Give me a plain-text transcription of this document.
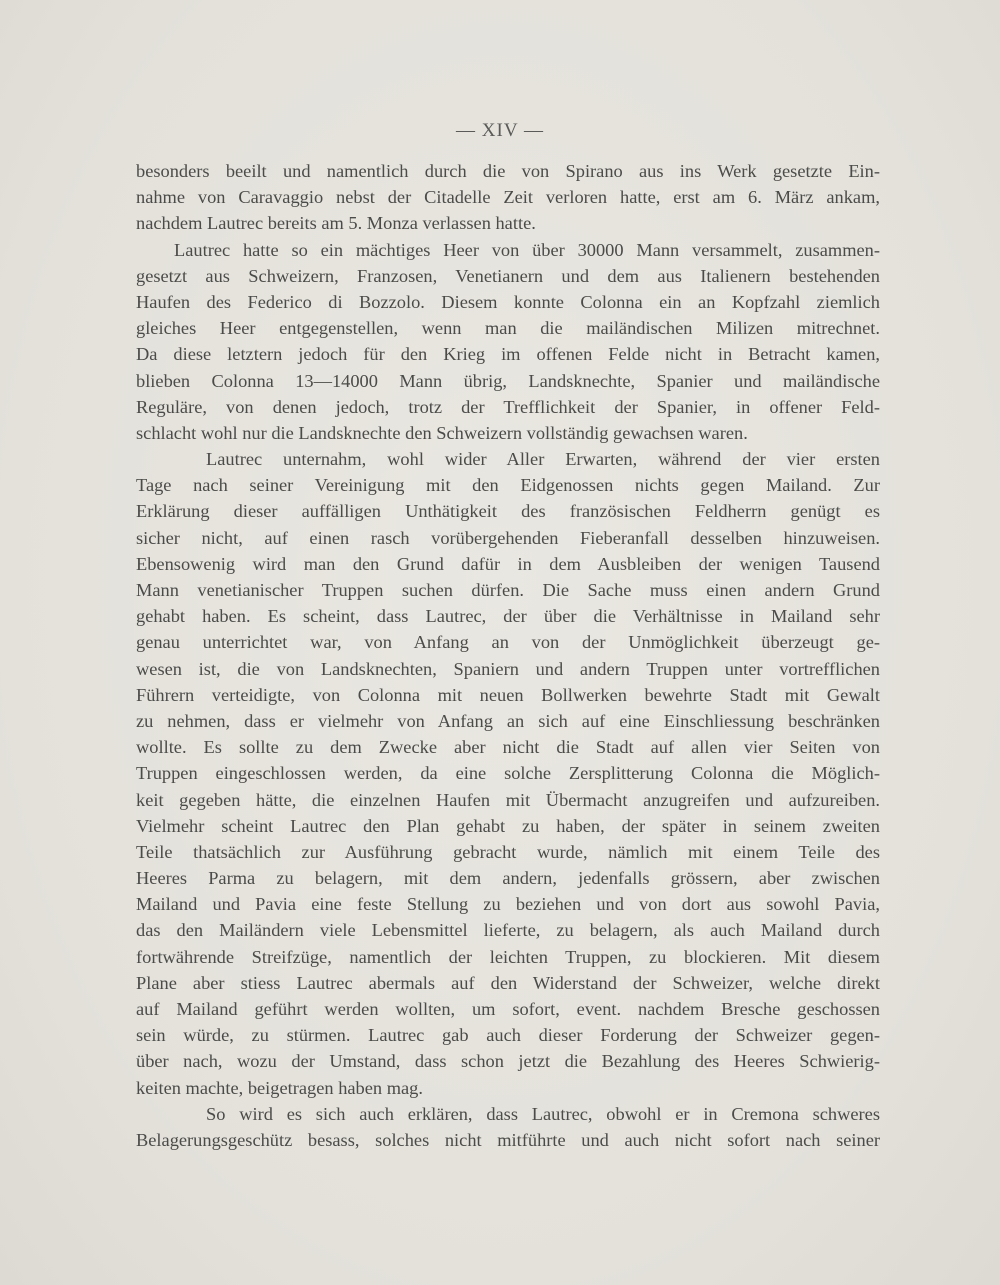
— XIV —
besonders beeilt und namentlich durch die von Spirano aus ins Werk gesetzte Ein-
nahme von Caravaggio nebst der Citadelle Zeit verloren hatte, erst am 6. März ankam,
nachdem Lautrec bereits am 5. Monza verlassen hatte.
Lautrec hatte so ein mächtiges Heer von über 30000 Mann versammelt, zusammen-
gesetzt aus Schweizern, Franzosen, Venetianern und dem aus Italienern bestehenden
Haufen des Federico di Bozzolo. Diesem konnte Colonna ein an Kopfzahl ziemlich
gleiches Heer entgegenstellen, wenn man die mailändischen Milizen mitrechnet.
Da diese letztern jedoch für den Krieg im offenen Felde nicht in Betracht kamen,
blieben Colonna 13—14000 Mann übrig, Landsknechte, Spanier und mailändische
Reguläre, von denen jedoch, trotz der Trefflichkeit der Spanier, in offener Feld-
schlacht wohl nur die Landsknechte den Schweizern vollständig gewachsen waren.
Lautrec unternahm, wohl wider Aller Erwarten, während der vier ersten
Tage nach seiner Vereinigung mit den Eidgenossen nichts gegen Mailand. Zur
Erklärung dieser auffälligen Unthätigkeit des französischen Feldherrn genügt es
sicher nicht, auf einen rasch vorübergehenden Fieberanfall desselben hinzuweisen.
Ebensowenig wird man den Grund dafür in dem Ausbleiben der wenigen Tausend
Mann venetianischer Truppen suchen dürfen. Die Sache muss einen andern Grund
gehabt haben. Es scheint, dass Lautrec, der über die Verhältnisse in Mailand sehr
genau unterrichtet war, von Anfang an von der Unmöglichkeit überzeugt ge-
wesen ist, die von Landsknechten, Spaniern und andern Truppen unter vortrefflichen
Führern verteidigte, von Colonna mit neuen Bollwerken bewehrte Stadt mit Gewalt
zu nehmen, dass er vielmehr von Anfang an sich auf eine Einschliessung beschränken
wollte. Es sollte zu dem Zwecke aber nicht die Stadt auf allen vier Seiten von
Truppen eingeschlossen werden, da eine solche Zersplitterung Colonna die Möglich-
keit gegeben hätte, die einzelnen Haufen mit Übermacht anzugreifen und aufzureiben.
Vielmehr scheint Lautrec den Plan gehabt zu haben, der später in seinem zweiten
Teile thatsächlich zur Ausführung gebracht wurde, nämlich mit einem Teile des
Heeres Parma zu belagern, mit dem andern, jedenfalls grössern, aber zwischen
Mailand und Pavia eine feste Stellung zu beziehen und von dort aus sowohl Pavia,
das den Mailändern viele Lebensmittel lieferte, zu belagern, als auch Mailand durch
fortwährende Streifzüge, namentlich der leichten Truppen, zu blockieren. Mit diesem
Plane aber stiess Lautrec abermals auf den Widerstand der Schweizer, welche direkt
auf Mailand geführt werden wollten, um sofort, event. nachdem Bresche geschossen
sein würde, zu stürmen. Lautrec gab auch dieser Forderung der Schweizer gegen-
über nach, wozu der Umstand, dass schon jetzt die Bezahlung des Heeres Schwierig-
keiten machte, beigetragen haben mag.
So wird es sich auch erklären, dass Lautrec, obwohl er in Cremona schweres
Belagerungsgeschütz besass, solches nicht mitführte und auch nicht sofort nach seiner
